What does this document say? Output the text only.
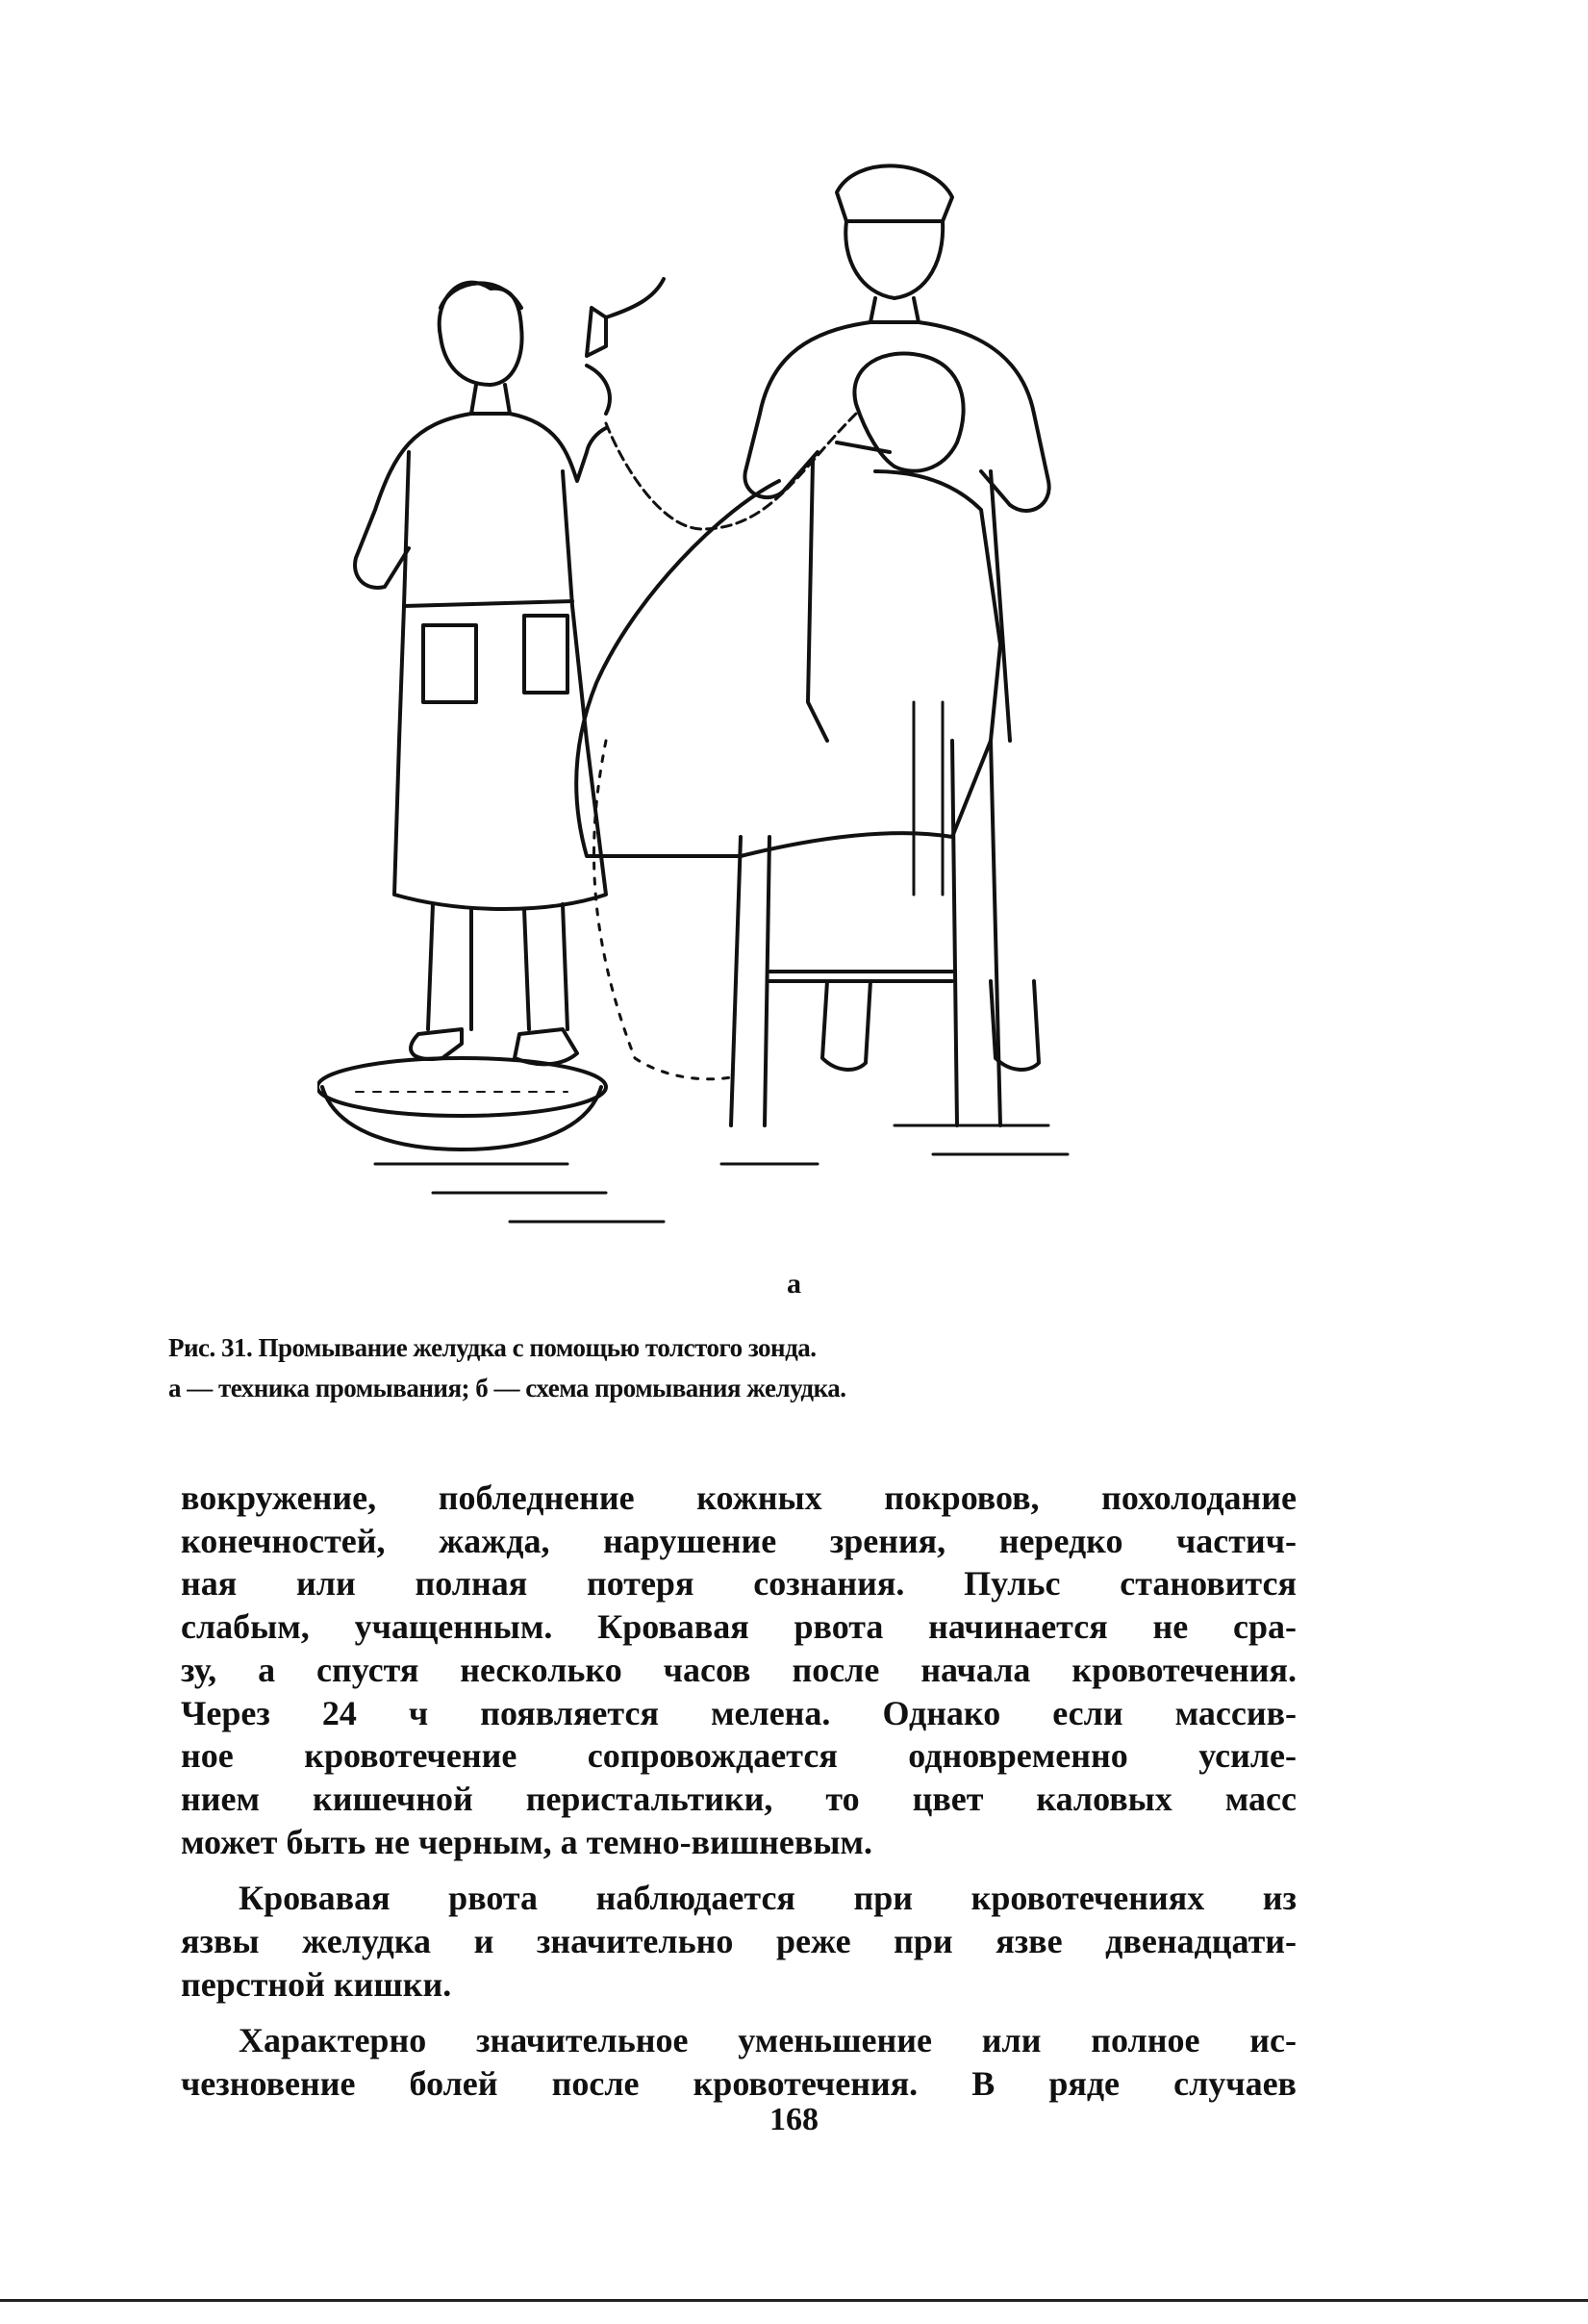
а
Рис. 31. Промывание желудка с помощью толстого зонда.
а — техника промывания; б — схема промывания желудка.
вокружение, побледнение кожных покровов, похолодание
конечностей, жажда, нарушение зрения, нередко частич-
ная или полная потеря сознания. Пульс становится
слабым, учащенным. Кровавая рвота начинается не сра-
зу, а спустя несколько часов после начала кровотечения.
Через 24 ч появляется мелена. Однако если массив-
ное кровотечение сопровождается одновременно усиле-
нием кишечной перистальтики, то цвет каловых масс
может быть не черным, а темно-вишневым.
Кровавая рвота наблюдается при кровотечениях из
язвы желудка и значительно реже при язве двенадцати-
перстной кишки.
Характерно значительное уменьшение или полное ис-
чезновение болей после кровотечения. В ряде случаев
168
